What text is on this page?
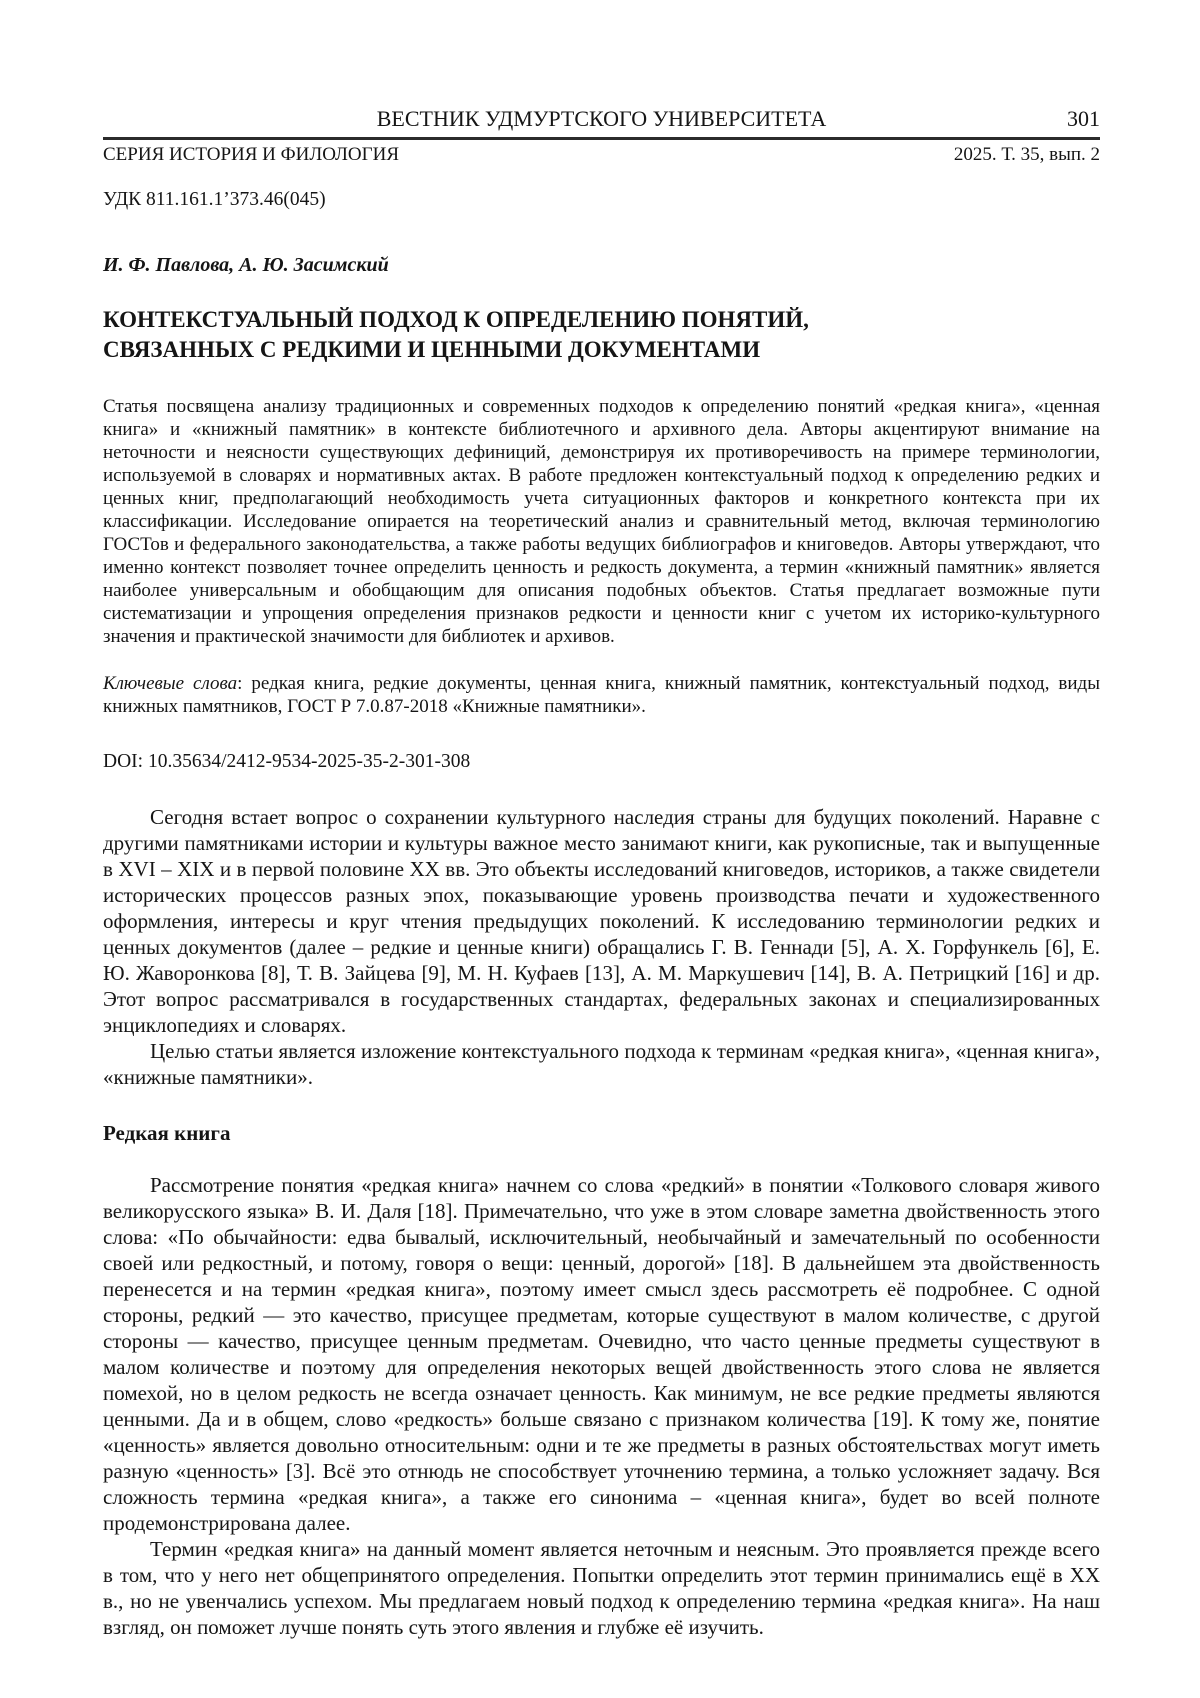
ВЕСТНИК УДМУРТСКОГО УНИВЕРСИТЕТА	301
СЕРИЯ ИСТОРИЯ И ФИЛОЛОГИЯ	2025. Т. 35, вып. 2
УДК 811.161.1’373.46(045)
И. Ф. Павлова, А. Ю. Засимский
КОНТЕКСТУАЛЬНЫЙ ПОДХОД К ОПРЕДЕЛЕНИЮ ПОНЯТИЙ,
СВЯЗАННЫХ С РЕДКИМИ И ЦЕННЫМИ ДОКУМЕНТАМИ

Статья посвящена анализу традиционных и современных подходов к определению понятий «редкая книга», «ценная книга» и «книжный памятник» в контексте библиотечного и архивного дела. Авторы акцентируют внимание на неточности и неясности существующих дефиниций, демонстрируя их противоречивость на примере терминологии, используемой в словарях и нормативных актах. В работе предложен контекстуальный подход к определению редких и ценных книг, предполагающий необходимость учета ситуационных факторов и конкретного контекста при их классификации. Исследование опирается на теоретический анализ и сравнительный метод, включая терминологию ГОСТов и федерального законодательства, а также работы ведущих библиографов и книговедов. Авторы утверждают, что именно контекст позволяет точнее определить ценность и редкость документа, а термин «книжный памятник» является наиболее универсальным и обобщающим для описания подобных объектов. Статья предлагает возможные пути систематизации и упрощения определения признаков редкости и ценности книг с учетом их историко-культурного значения и практической значимости для библиотек и архивов.

Ключевые слова: редкая книга, редкие документы, ценная книга, книжный памятник, контекстуальный подход, виды книжных памятников, ГОСТ Р 7.0.87-2018 «Книжные памятники».

DOI: 10.35634/2412-9534-2025-35-2-301-308

Сегодня встает вопрос о сохранении культурного наследия страны для будущих поколений. Наравне с другими памятниками истории и культуры важное место занимают книги, как рукописные, так и выпущенные в XVI – XIX и в первой половине XX вв. Это объекты исследований книговедов, историков, а также свидетели исторических процессов разных эпох, показывающие уровень производства печати и художественного оформления, интересы и круг чтения предыдущих поколений. К исследованию терминологии редких и ценных документов (далее – редкие и ценные книги) обращались Г. В. Геннади [5], А. Х. Горфункель [6], Е. Ю. Жаворонкова [8], Т. В. Зайцева [9], М. Н. Куфаев [13], А. М. Маркушевич [14], В. А. Петрицкий [16] и др. Этот вопрос рассматривался в государственных стандартах, федеральных законах и специализированных энциклопедиях и словарях.

Целью статьи является изложение контекстуального подхода к терминам «редкая книга», «ценная книга», «книжные памятники».

Редкая книга

Рассмотрение понятия «редкая книга» начнем со слова «редкий» в понятии «Толкового словаря живого великорусского языка» В. И. Даля [18]. Примечательно, что уже в этом словаре заметна двойственность этого слова: «По обычайности: едва бывалый, исключительный, необычайный и замечательный по особенности своей или редкостный, и потому, говоря о вещи: ценный, дорогой» [18]. В дальнейшем эта двойственность перенесется и на термин «редкая книга», поэтому имеет смысл здесь рассмотреть её подробнее. С одной стороны, редкий — это качество, присущее предметам, которые существуют в малом количестве, с другой стороны — качество, присущее ценным предметам. Очевидно, что часто ценные предметы существуют в малом количестве и поэтому для определения некоторых вещей двойственность этого слова не является помехой, но в целом редкость не всегда означает ценность. Как минимум, не все редкие предметы являются ценными. Да и в общем, слово «редкость» больше связано с признаком количества [19]. К тому же, понятие «ценность» является довольно относительным: одни и те же предметы в разных обстоятельствах могут иметь разную «ценность» [3]. Всё это отнюдь не способствует уточнению термина, а только усложняет задачу. Вся сложность термина «редкая книга», а также его синонима – «ценная книга», будет во всей полноте продемонстрирована далее.

Термин «редкая книга» на данный момент является неточным и неясным. Это проявляется прежде всего в том, что у него нет общепринятого определения. Попытки определить этот термин принимались ещё в XX в., но не увенчались успехом. Мы предлагаем новый подход к определению термина «редкая книга». На наш взгляд, он поможет лучше понять суть этого явления и глубже её изучить.
